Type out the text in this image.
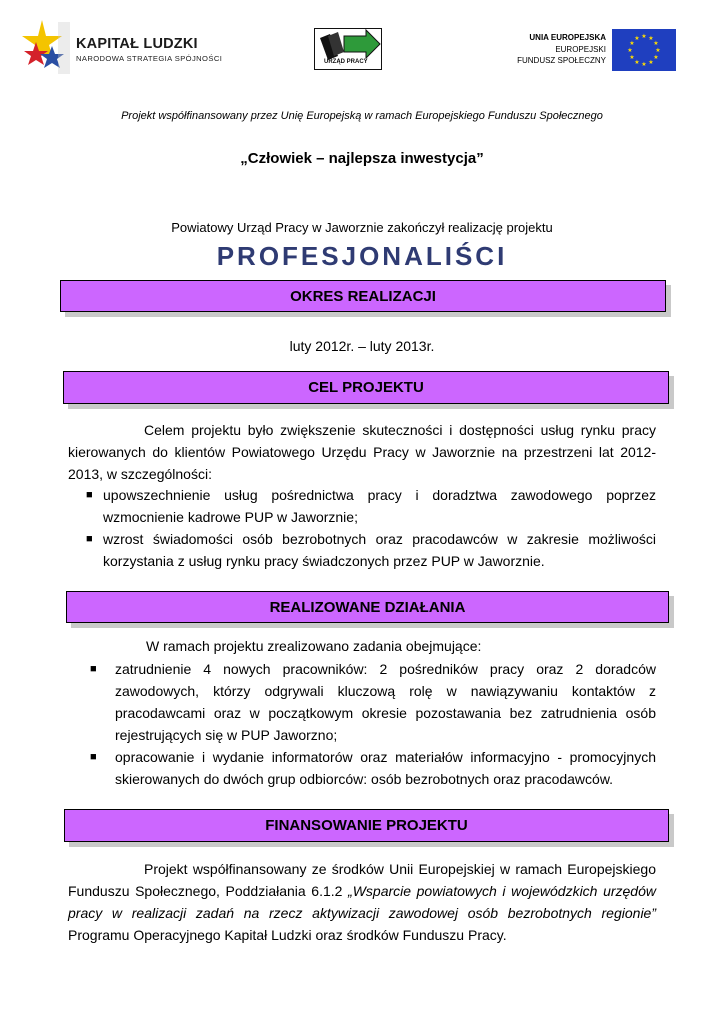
KAPITAŁ LUDZKI
NARODOWA STRATEGIA SPÓJNOŚCI	URZĄD PRACY
UNIA EUROPEJSKA
EUROPEJSKI
FUNDUSZ SPOŁECZNY
★ ★
★
★
★
★
★
★
★
★
★
★
Projekt współfinansowany przez Unię Europejską w ramach Europejskiego Funduszu Społecznego
„Człowiek – najlepsza inwestycja”
Powiatowy Urząd Pracy w Jaworznie zakończył realizację projektu
PROFESJONALIŚCI
OKRES REALIZACJI
luty 2012r. – luty 2013r.
CEL PROJEKTU
Celem projektu było zwiększenie skuteczności i dostępności usług rynku pracy kierowanych do klientów Powiatowego Urzędu Pracy w Jaworznie na przestrzeni lat 2012-2013, w szczególności:
■ upowszechnienie usług pośrednictwa pracy i doradztwa zawodowego poprzez wzmocnienie kadrowe PUP w Jaworznie;
■ wzrost świadomości osób bezrobotnych oraz pracodawców w zakresie możliwości korzystania z usług rynku pracy świadczonych przez PUP w Jaworznie.
REALIZOWANE DZIAŁANIA
W ramach projektu zrealizowano zadania obejmujące:
■ zatrudnienie 4 nowych pracowników: 2 pośredników pracy oraz 2 doradców zawodowych, którzy odgrywali kluczową rolę w nawiązywaniu kontaktów z pracodawcami oraz w początkowym okresie pozostawania bez zatrudnienia osób rejestrujących się w PUP Jaworzno;
■ opracowanie i wydanie informatorów oraz materiałów informacyjno - promocyjnych skierowanych do dwóch grup odbiorców: osób bezrobotnych oraz pracodawców.
FINANSOWANIE PROJEKTU
Projekt współfinansowany ze środków Unii Europejskiej w ramach Europejskiego Funduszu Społecznego, Poddziałania 6.1.2 „Wsparcie powiatowych i wojewódzkich urzędów pracy w realizacji zadań na rzecz aktywizacji zawodowej osób bezrobotnych regionie” Programu Operacyjnego Kapitał Ludzki oraz środków Funduszu Pracy.
